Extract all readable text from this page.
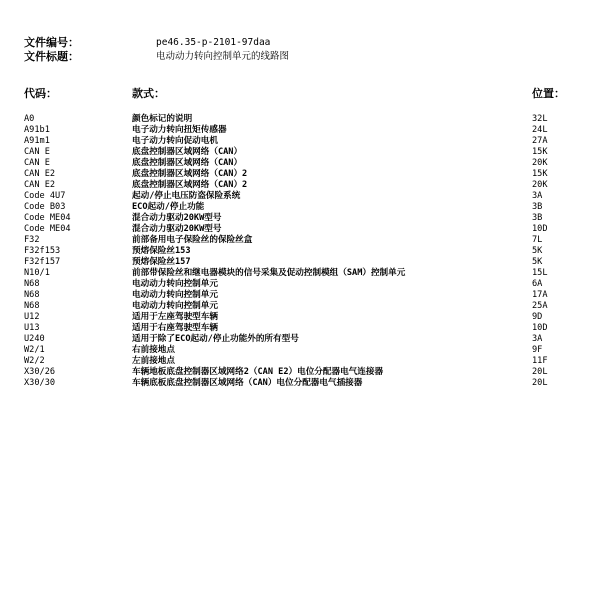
文件编号：	pe46.35-p-2101-97daa
文件标题：	电动动力转向控制单元的线路图
代码：	款式：	位置：
A0	颜色标记的说明	32L
A91b1	电子动力转向扭矩传感器	24L
A91m1	电子动力转向促动电机	27A
CAN E	底盘控制器区域网络（CAN）	15K
CAN E	底盘控制器区域网络（CAN）	20K
CAN E2	底盘控制器区域网络（CAN）2	15K
CAN E2	底盘控制器区域网络（CAN）2	20K
Code 4U7	起动/停止电压防盗保险系统	3A
Code B03	ECO起动/停止功能	3B
Code ME04	混合动力驱动20KW型号	3B
Code ME04	混合动力驱动20KW型号	10D
F32	前部备用电子保险丝的保险丝盒	7L
F32f153	预熔保险丝153	5K
F32f157	预熔保险丝157	5K
N10/1	前部带保险丝和继电器模块的信号采集及促动控制模组（SAM）控制单元	15L
N68	电动动力转向控制单元	6A
N68	电动动力转向控制单元	17A
N68	电动动力转向控制单元	25A
U12	适用于左座驾驶型车辆	9D
U13	适用于右座驾驶型车辆	10D
U240	适用于除了ECO起动/停止功能外的所有型号	3A
W2/1	右前接地点	9F
W2/2	左前接地点	11F
X30/26	车辆地板底盘控制器区域网络2（CAN E2）电位分配器电气连接器	20L
X30/30	车辆底板底盘控制器区域网络（CAN）电位分配器电气插接器	20L
